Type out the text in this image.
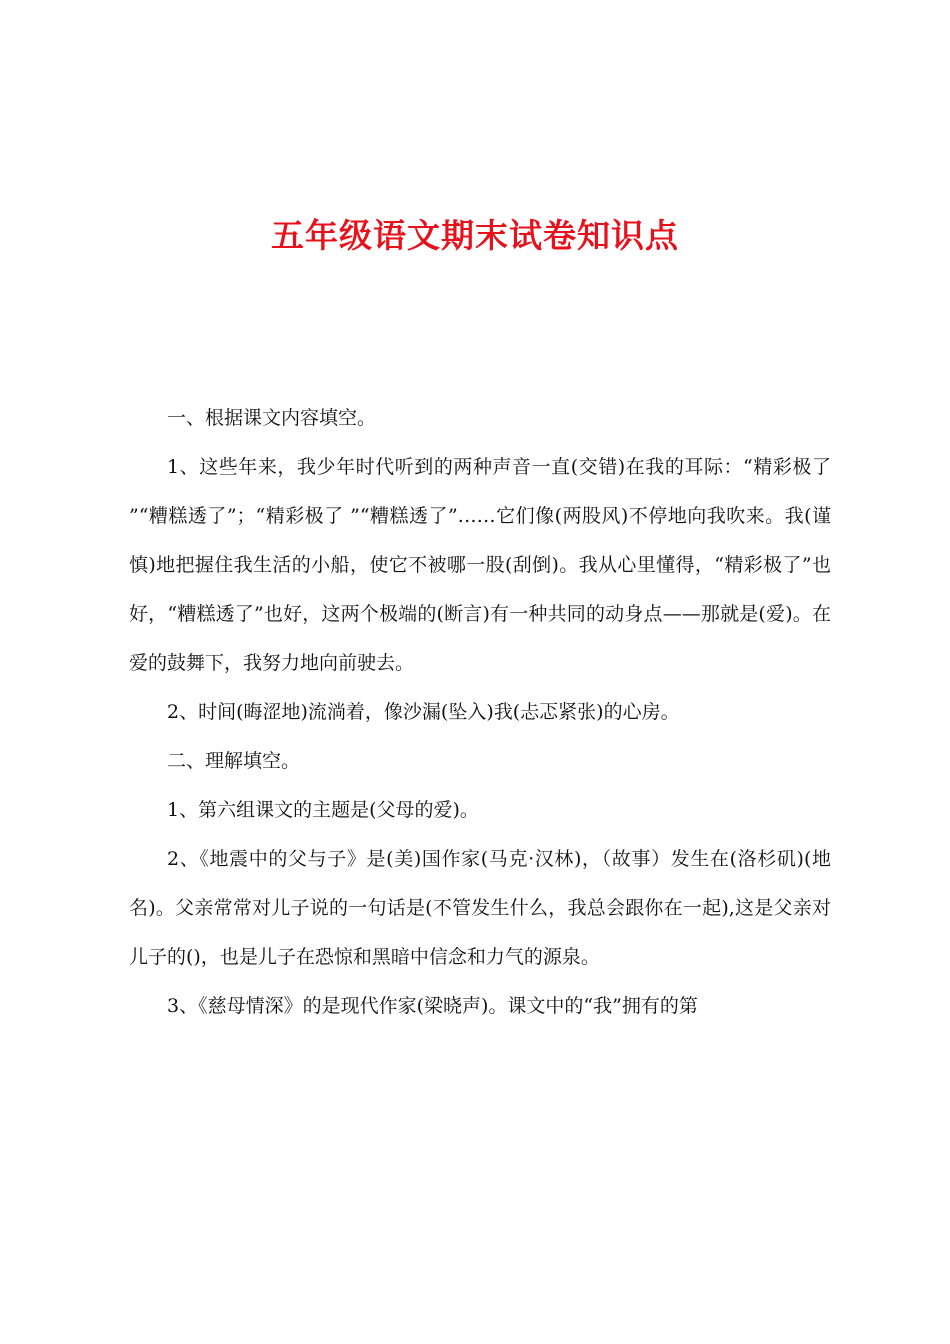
五年级语文期末试卷知识点

一、根据课文内容填空。

1、这些年来，我少年时代听到的两种声音一直(交错)在我的耳际：“精彩极了 ”“糟糕透了”；“精彩极了 ”“糟糕透了”……它们像(两股风)不停地向我吹来。我(谨慎)地把握住我生活的小船，使它不被哪一股(刮倒)。我从心里懂得，“精彩极了”也好，“糟糕透了”也好，这两个极端的(断言)有一种共同的动身点——那就是(爱)。在爱的鼓舞下，我努力地向前驶去。

2、时间(晦涩地)流淌着，像沙漏(坠入)我(忐忑紧张)的心房。

二、理解填空。

1、第六组课文的主题是(父母的爱)。

2、《地震中的父与子》是(美)国作家(马克·汉林)，（故事）发生在(洛杉矶)(地名)。父亲常常对儿子说的一句话是(不管发生什么，我总会跟你在一起),这是父亲对儿子的()，也是儿子在恐惊和黑暗中信念和力气的源泉。

3、《慈母情深》的是现代作家(梁晓声)。课文中的“我”拥有的第
